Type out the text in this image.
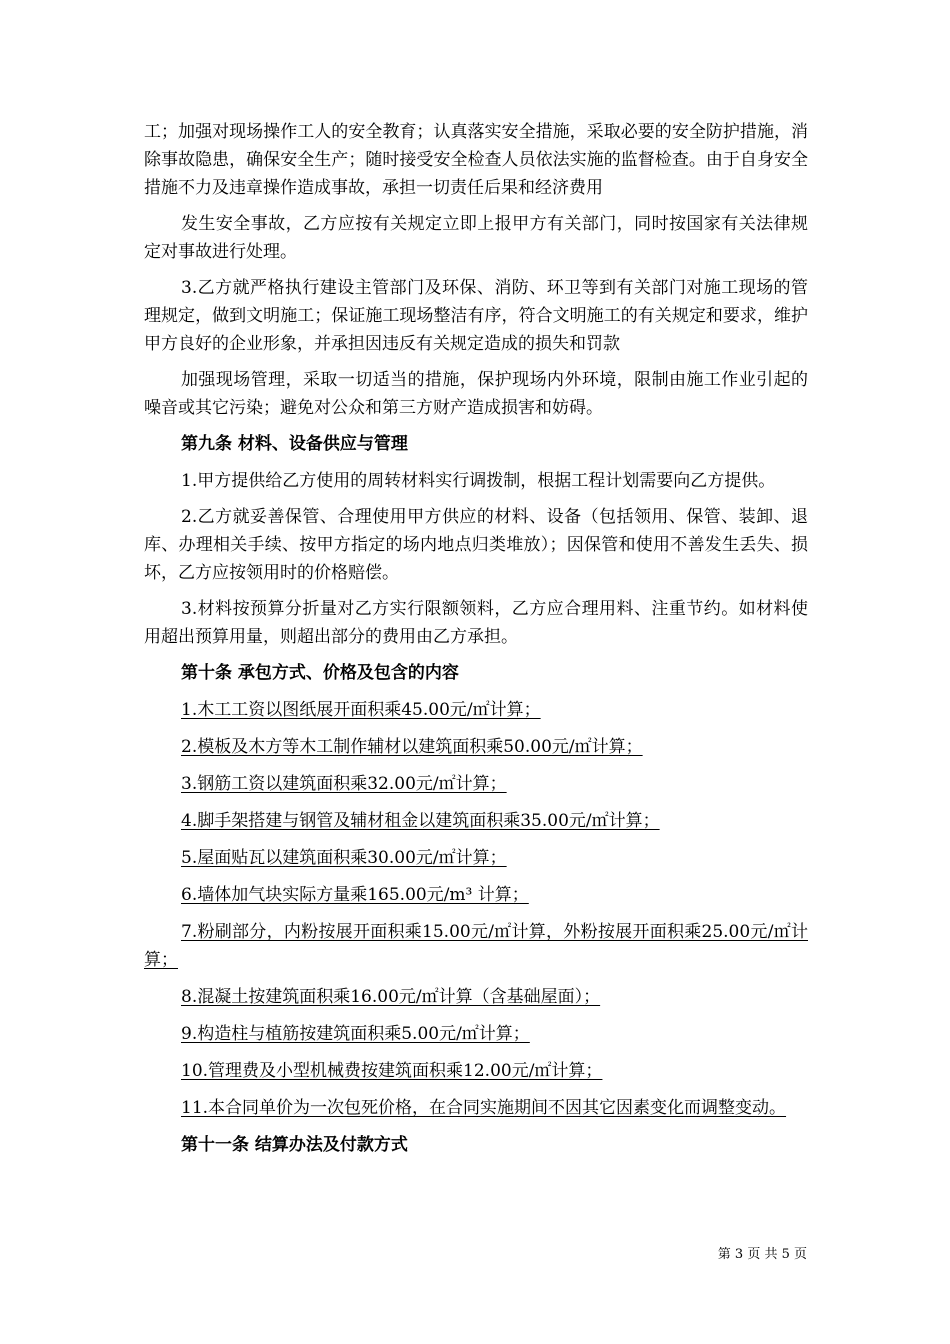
工；加强对现场操作工人的安全教育；认真落实安全措施，采取必要的安全防护措施，消除事故隐患，确保安全生产；随时接受安全检查人员依法实施的监督检查。由于自身安全措施不力及违章操作造成事故，承担一切责任后果和经济费用

发生安全事故，乙方应按有关规定立即上报甲方有关部门，同时按国家有关法律规定对事故进行处理。

3.乙方就严格执行建设主管部门及环保、消防、环卫等到有关部门对施工现场的管理规定，做到文明施工；保证施工现场整洁有序，符合文明施工的有关规定和要求，维护甲方良好的企业形象，并承担因违反有关规定造成的损失和罚款

加强现场管理，采取一切适当的措施，保护现场内外环境，限制由施工作业引起的噪音或其它污染；避免对公众和第三方财产造成损害和妨碍。

第九条 材料、设备供应与管理

1.甲方提供给乙方使用的周转材料实行调拨制，根据工程计划需要向乙方提供。

2.乙方就妥善保管、合理使用甲方供应的材料、设备（包括领用、保管、装卸、退库、办理相关手续、按甲方指定的场内地点归类堆放）；因保管和使用不善发生丢失、损坏，乙方应按领用时的价格赔偿。

3.材料按预算分折量对乙方实行限额领料，乙方应合理用料、注重节约。如材料使用超出预算用量，则超出部分的费用由乙方承担。

第十条 承包方式、价格及包含的内容

1.木工工资以图纸展开面积乘45.00元/㎡计算；

2.模板及木方等木工制作辅材以建筑面积乘50.00元/㎡计算；

3.钢筋工资以建筑面积乘32.00元/㎡计算；

4.脚手架搭建与钢管及辅材租金以建筑面积乘35.00元/㎡计算；

5.屋面贴瓦以建筑面积乘30.00元/㎡计算；

6.墙体加气块实际方量乘165.00元/m³ 计算；

7.粉刷部分，内粉按展开面积乘15.00元/㎡计算，外粉按展开面积乘25.00元/㎡计算；

8.混凝土按建筑面积乘16.00元/㎡计算（含基础屋面）；

9.构造柱与植筋按建筑面积乘5.00元/㎡计算；

10.管理费及小型机械费按建筑面积乘12.00元/㎡计算；

11.本合同单价为一次包死价格，在合同实施期间不因其它因素变化而调整变动。

第十一条 结算办法及付款方式

第 3 页 共 5 页
